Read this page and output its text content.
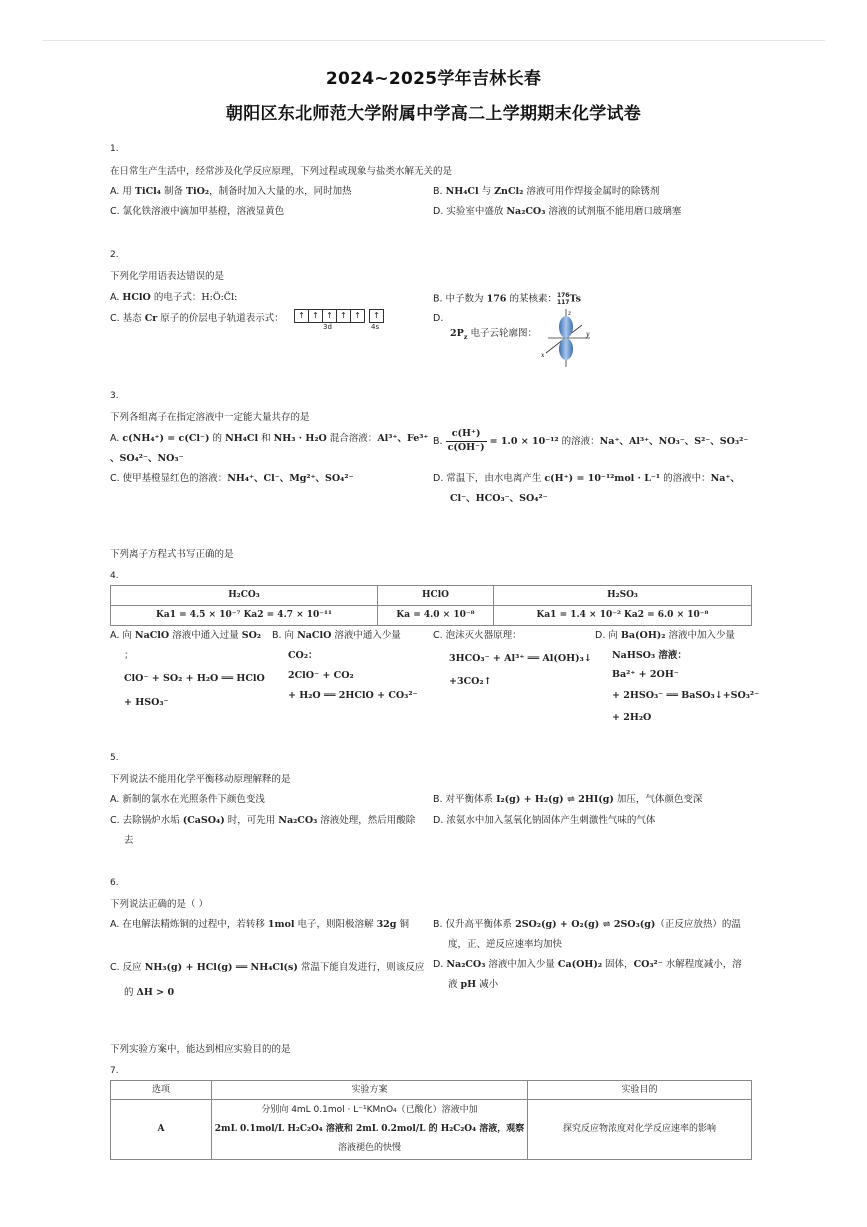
2024~2025学年吉林长春
朝阳区东北师范大学附属中学高二上学期期末化学试卷
1.
在日常生产生活中，经常涉及化学反应原理，下列过程或现象与盐类水解无关的是
A. 用 TiCl₄ 制备 TiO₂，制备时加入大量的水，同时加热	B. NH₄Cl 与 ZnCl₂ 溶液可用作焊接金属时的除锈剂
C. 氯化铁溶液中滴加甲基橙，溶液显黄色	D. 实验室中盛放 Na₂CO₃ 溶液的试剂瓶不能用磨口玻璃塞
2.
下列化学用语表达错误的是
A. HClO 的电子式：H:Ö:C̈l:	B. 中子数为 176 的某核素： 176
117 Ts
C. 基态 Cr 原子的价层电子轨道表示式：	↑ ↑ ↑ ↑ ↑	↑
3d	4s
D.
$2P_z$ 电子云轮廓图：
z
y
x
3.
下列各组离子在指定溶液中一定能大量共存的是
A. c(NH₄⁺) = c(Cl⁻) 的 NH₄Cl 和 NH₃ · H₂O 混合溶液：Al³⁺、Fe³⁺
、SO₄²⁻、NO₃⁻
B. $\frac{c(H^+)}{c(OH^-)} = 1.0 \times 10^{-12}$ 的溶液：Na⁺、Al³⁺、NO₃⁻、S²⁻、SO₃²⁻
C. 使甲基橙显红色的溶液：NH₄⁺、Cl⁻、Mg²⁺、SO₄²⁻	D. 常温下，由水电离产生 c(H⁺) = 10⁻¹²mol · L⁻¹ 的溶液中：Na⁺、
Cl⁻、HCO₃⁻、SO₄²⁻
下列离子方程式书写正确的是
4.
H₂CO₃	HClO	H₂SO₃
Ka1 = 4.5 × 10⁻⁷ Ka2 = 4.7 × 10⁻¹¹	Ka = 4.0 × 10⁻⁸	Ka1 = 1.4 × 10⁻² Ka2 = 6.0 × 10⁻⁸
A. 向 NaClO 溶液中通入过量 SO₂
；
ClO⁻ + SO₂ + H₂O ══ HClO
+ HSO₃⁻
B. 向 NaClO 溶液中通入少量
CO₂：
2ClO⁻ + CO₂
+ H₂O ══ 2HClO + CO₃²⁻
C. 泡沫灭火器原理：
3HCO₃⁻ + Al³⁺ ══ Al(OH)₃↓
+3CO₂↑
D. 向 Ba(OH)₂ 溶液中加入少量
NaHSO₃ 溶液：
Ba²⁺ + 2OH⁻
+ 2HSO₃⁻ ══ BaSO₃↓+SO₃²⁻
+ 2H₂O
5.
下列说法不能用化学平衡移动原理解释的是
A. 新制的氯水在光照条件下颜色变浅	B. 对平衡体系 I₂(g) + H₂(g) ⇌ 2HI(g) 加压，气体颜色变深
C. 去除锅炉水垢 (CaSO₄) 时，可先用 Na₂CO₃ 溶液处理，然后用酸除
去
D. 浓氨水中加入氢氧化钠固体产生刺激性气味的气体
6.
下列说法正确的是（ ）
A. 在电解法精炼铜的过程中，若转移 1mol 电子，则阳极溶解 32g 铜	B. 仅升高平衡体系 2SO₂(g) + O₂(g) ⇌ 2SO₃(g)（正反应放热）的温
度，正、逆反应速率均加快
C. 反应 NH₃(g) + HCl(g) ══ NH₄Cl(s) 常温下能自发进行，则该反应
的 ΔH > 0
D. Na₂CO₃ 溶液中加入少量 Ca(OH)₂ 固体，CO₃²⁻ 水解程度减小，溶
液 pH 减小
下列实验方案中，能达到相应实验目的的是
7.
选项	实验方案	实验目的
A	分别向 4mL 0.1mol · L⁻¹KMnO₄（已酸化）溶液中加
2mL 0.1mol/L H₂C₂O₄ 溶液和 2mL 0.2mol/L 的 H₂C₂O₄ 溶液，观察
溶液褪色的快慢	探究反应物浓度对化学反应速率的影响
